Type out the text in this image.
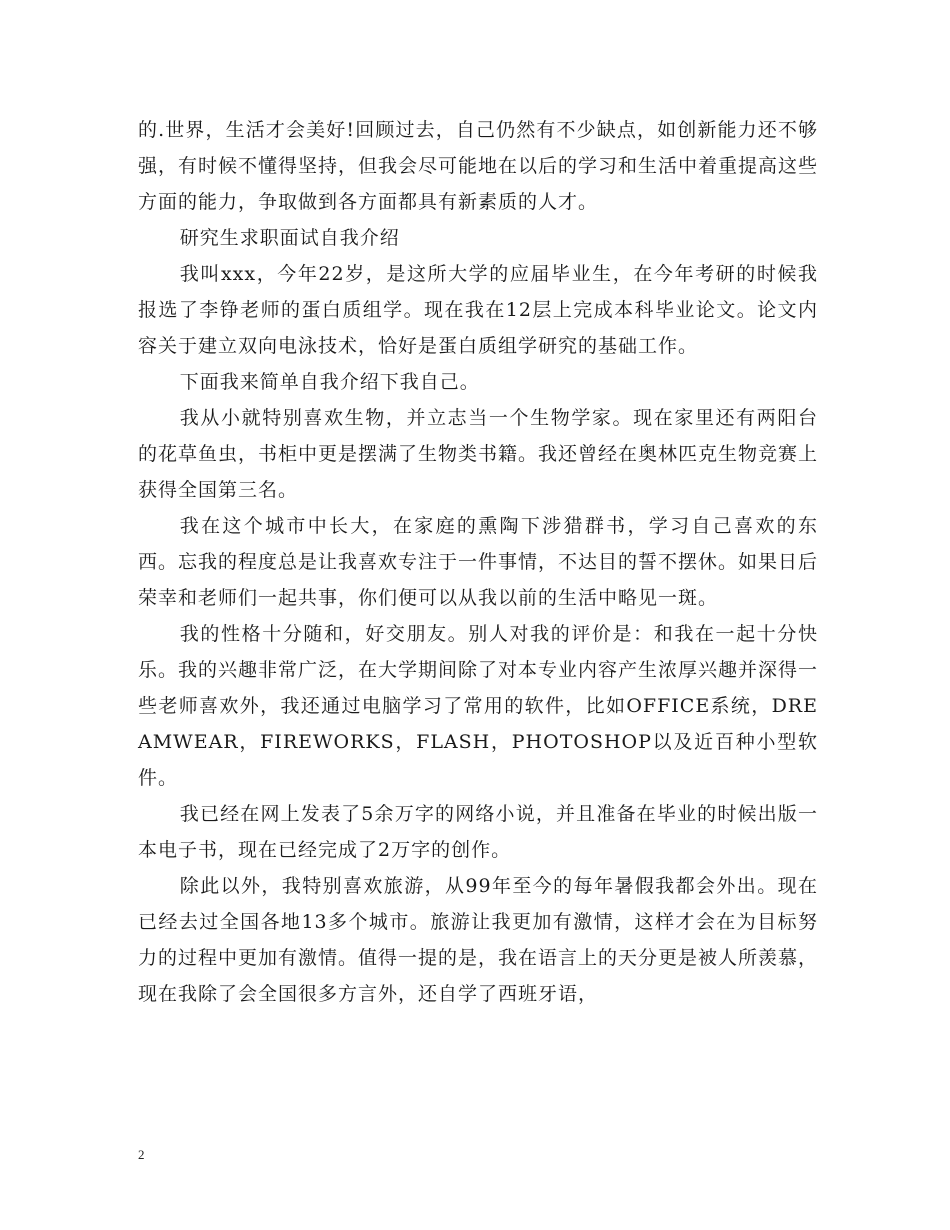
的.世界，生活才会美好!回顾过去，自己仍然有不少缺点，如创新能力还不够强，有时候不懂得坚持，但我会尽可能地在以后的学习和生活中着重提高这些方面的能力，争取做到各方面都具有新素质的人才。

研究生求职面试自我介绍

我叫xxx，今年22岁，是这所大学的应届毕业生，在今年考研的时候我报选了李铮老师的蛋白质组学。现在我在12层上完成本科毕业论文。论文内容关于建立双向电泳技术，恰好是蛋白质组学研究的基础工作。

下面我来简单自我介绍下我自己。

我从小就特别喜欢生物，并立志当一个生物学家。现在家里还有两阳台的花草鱼虫，书柜中更是摆满了生物类书籍。我还曾经在奥林匹克生物竞赛上获得全国第三名。

我在这个城市中长大，在家庭的熏陶下涉猎群书，学习自己喜欢的东西。忘我的程度总是让我喜欢专注于一件事情，不达目的誓不摆休。如果日后荣幸和老师们一起共事，你们便可以从我以前的生活中略见一斑。

我的性格十分随和，好交朋友。别人对我的评价是：和我在一起十分快乐。我的兴趣非常广泛，在大学期间除了对本专业内容产生浓厚兴趣并深得一些老师喜欢外，我还通过电脑学习了常用的软件，比如OFFICE系统，DREAMWEAR，FIREWORKS，FLASH，PHOTOSHOP以及近百种小型软件。

我已经在网上发表了5余万字的网络小说，并且准备在毕业的时候出版一本电子书，现在已经完成了2万字的创作。

除此以外，我特别喜欢旅游，从99年至今的每年暑假我都会外出。现在已经去过全国各地13多个城市。旅游让我更加有激情，这样才会在为目标努力的过程中更加有激情。值得一提的是，我在语言上的天分更是被人所羡慕，现在我除了会全国很多方言外，还自学了西班牙语，

2
